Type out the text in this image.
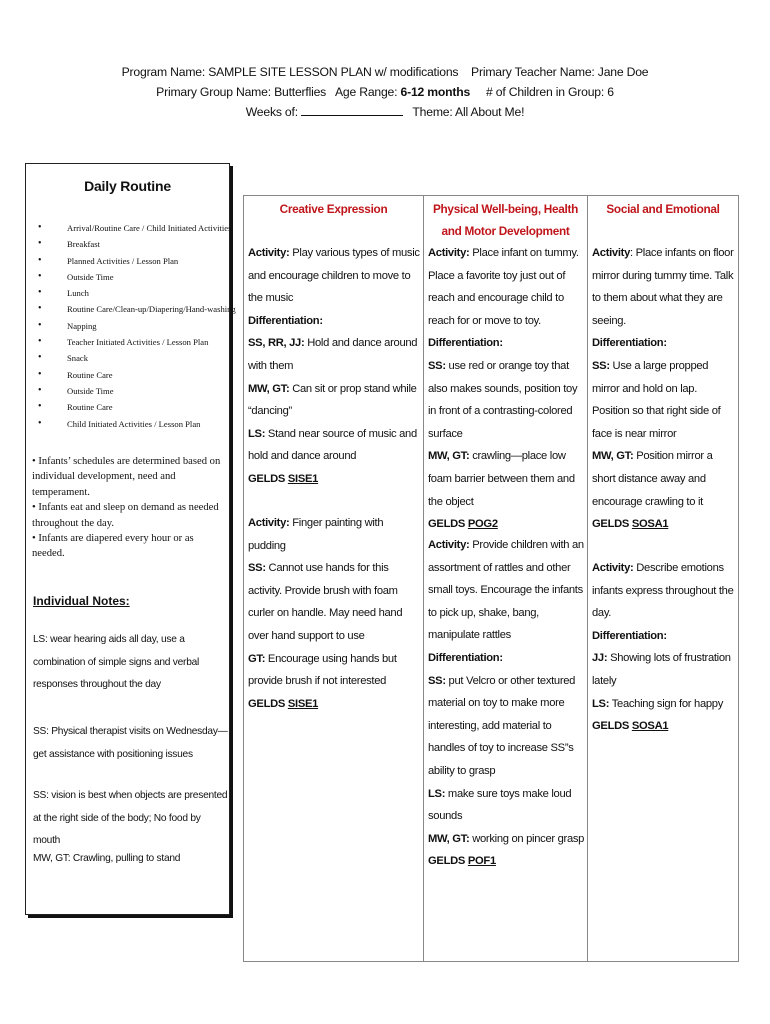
Program Name: SAMPLE SITE LESSON PLAN w/ modifications    Primary Teacher Name: Jane Doe
Primary Group Name: Butterflies   Age Range: 6-12 months     # of Children in Group: 6
Weeks of:	Theme: All About Me!
Daily Routine
• Arrival/Routine Care / Child Initiated Activities
• Breakfast
• Planned Activities / Lesson Plan
• Outside Time
• Lunch
• Routine Care/Clean-up/Diapering/Hand-washing
• Napping
• Teacher Initiated Activities / Lesson Plan
• Snack
• Routine Care
• Outside Time
• Routine Care
• Child Initiated Activities / Lesson Plan

• Infants’ schedules are determined based on individual development, need and temperament.

• Infants eat and sleep on demand as needed throughout the day.

• Infants are diapered every hour or as needed.

Individual Notes:
LS: wear hearing aids all day, use a combination of simple signs and verbal responses throughout the day
SS: Physical therapist visits on Wednesday—get assistance with positioning issues
SS: vision is best when objects are presented at the right side of the body; No food by mouth
MW, GT: Crawling, pulling to stand
Creative Expression

Activity: Play various types of music and encourage children to move to the music

Differentiation:

SS, RR, JJ: Hold and dance around with them

MW, GT: Can sit or prop stand while “dancing”

LS: Stand near source of music and hold and dance around

GELDS SISE1

Activity: Finger painting with pudding

SS: Cannot use hands for this activity. Provide brush with foam curler on handle. May need hand over hand support to use

GT: Encourage using hands but provide brush if not interested

GELDS SISE1

Physical Well-being, Health and Motor Development

Activity: Place infant on tummy. Place a favorite toy just out of reach and encourage child to reach for or move to toy.

Differentiation:

SS: use red or orange toy that also makes sounds, position toy in front of a contrasting-colored surface

MW, GT: crawling—place low foam barrier between them and the object

GELDS POG2

Activity: Provide children with an assortment of rattles and other small toys. Encourage the infants to pick up, shake, bang, manipulate rattles

Differentiation:

SS: put Velcro or other textured material on toy to make more interesting, add material to handles of toy to increase SS”s ability to grasp

LS: make sure toys make loud sounds

MW, GT: working on pincer grasp

GELDS POF1

Social and Emotional

Activity: Place infants on floor mirror during tummy time. Talk to them about what they are seeing.

Differentiation:

SS: Use a large propped mirror and hold on lap. Position so that right side of face is near mirror

MW, GT: Position mirror a short distance away and encourage crawling to it

GELDS SOSA1

Activity: Describe emotions infants express throughout the day.

Differentiation:

JJ: Showing lots of frustration lately

LS: Teaching sign for happy

GELDS SOSA1
